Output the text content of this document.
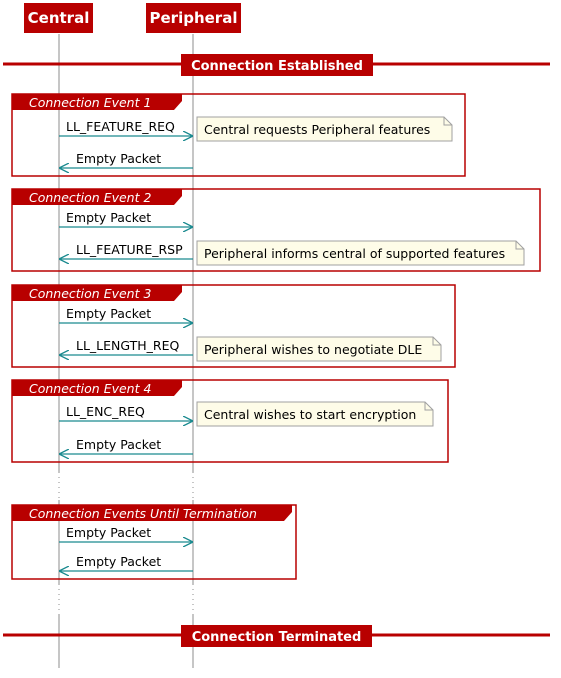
Central	Peripheral
Connection Established
Connection Event 1
LL_FEATURE_REQ Central requests Peripheral features
Empty Packet
Connection Event 2
Empty Packet
LL_FEATURE_RSP Peripheral informs central of supported features
Connection Event 3
Empty Packet
LL_LENGTH_REQ Peripheral wishes to negotiate DLE
Connection Event 4
LL_ENC_REQ	Central wishes to start encryption
Empty Packet
Connection Events Until Termination
Empty Packet
Empty Packet
Connection Terminated
